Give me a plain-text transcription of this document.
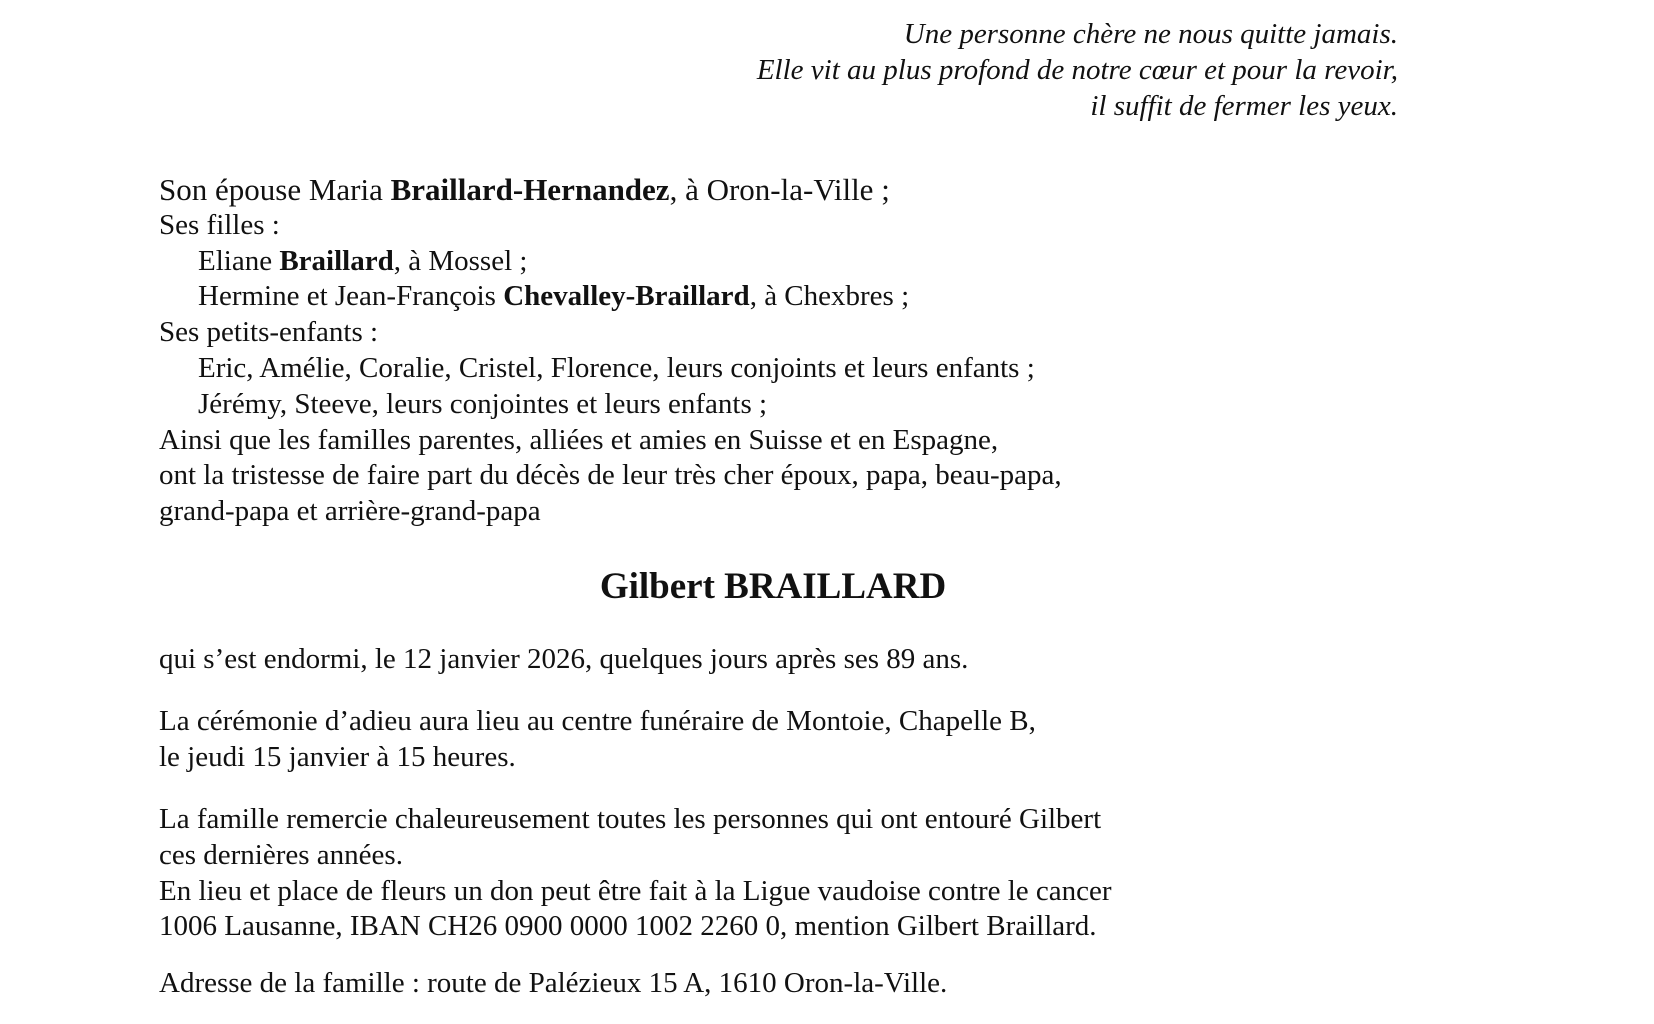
Une personne chère ne nous quitte jamais.
Elle vit au plus profond de notre cœur et pour la revoir,
il suffit de fermer les yeux.
Son épouse Maria Braillard-Hernandez, à Oron-la-Ville ;
Ses filles :
Eliane Braillard, à Mossel ;
Hermine et Jean-François Chevalley-Braillard, à Chexbres ;
Ses petits-enfants :
Eric, Amélie, Coralie, Cristel, Florence, leurs conjoints et leurs enfants ;
Jérémy, Steeve, leurs conjointes et leurs enfants ;
Ainsi que les familles parentes, alliées et amies en Suisse et en Espagne,
ont la tristesse de faire part du décès de leur très cher époux, papa, beau-papa,
grand-papa et arrière-grand-papa
Gilbert BRAILLARD
qui s’est endormi, le 12 janvier 2026, quelques jours après ses 89 ans.
La cérémonie d’adieu aura lieu au centre funéraire de Montoie, Chapelle B,
le jeudi 15 janvier à 15 heures.
La famille remercie chaleureusement toutes les personnes qui ont entouré Gilbert
ces dernières années.
En lieu et place de fleurs un don peut être fait à la Ligue vaudoise contre le cancer
1006 Lausanne, IBAN CH26 0900 0000 1002 2260 0, mention Gilbert Braillard.
Adresse de la famille : route de Palézieux 15 A, 1610 Oron-la-Ville.
